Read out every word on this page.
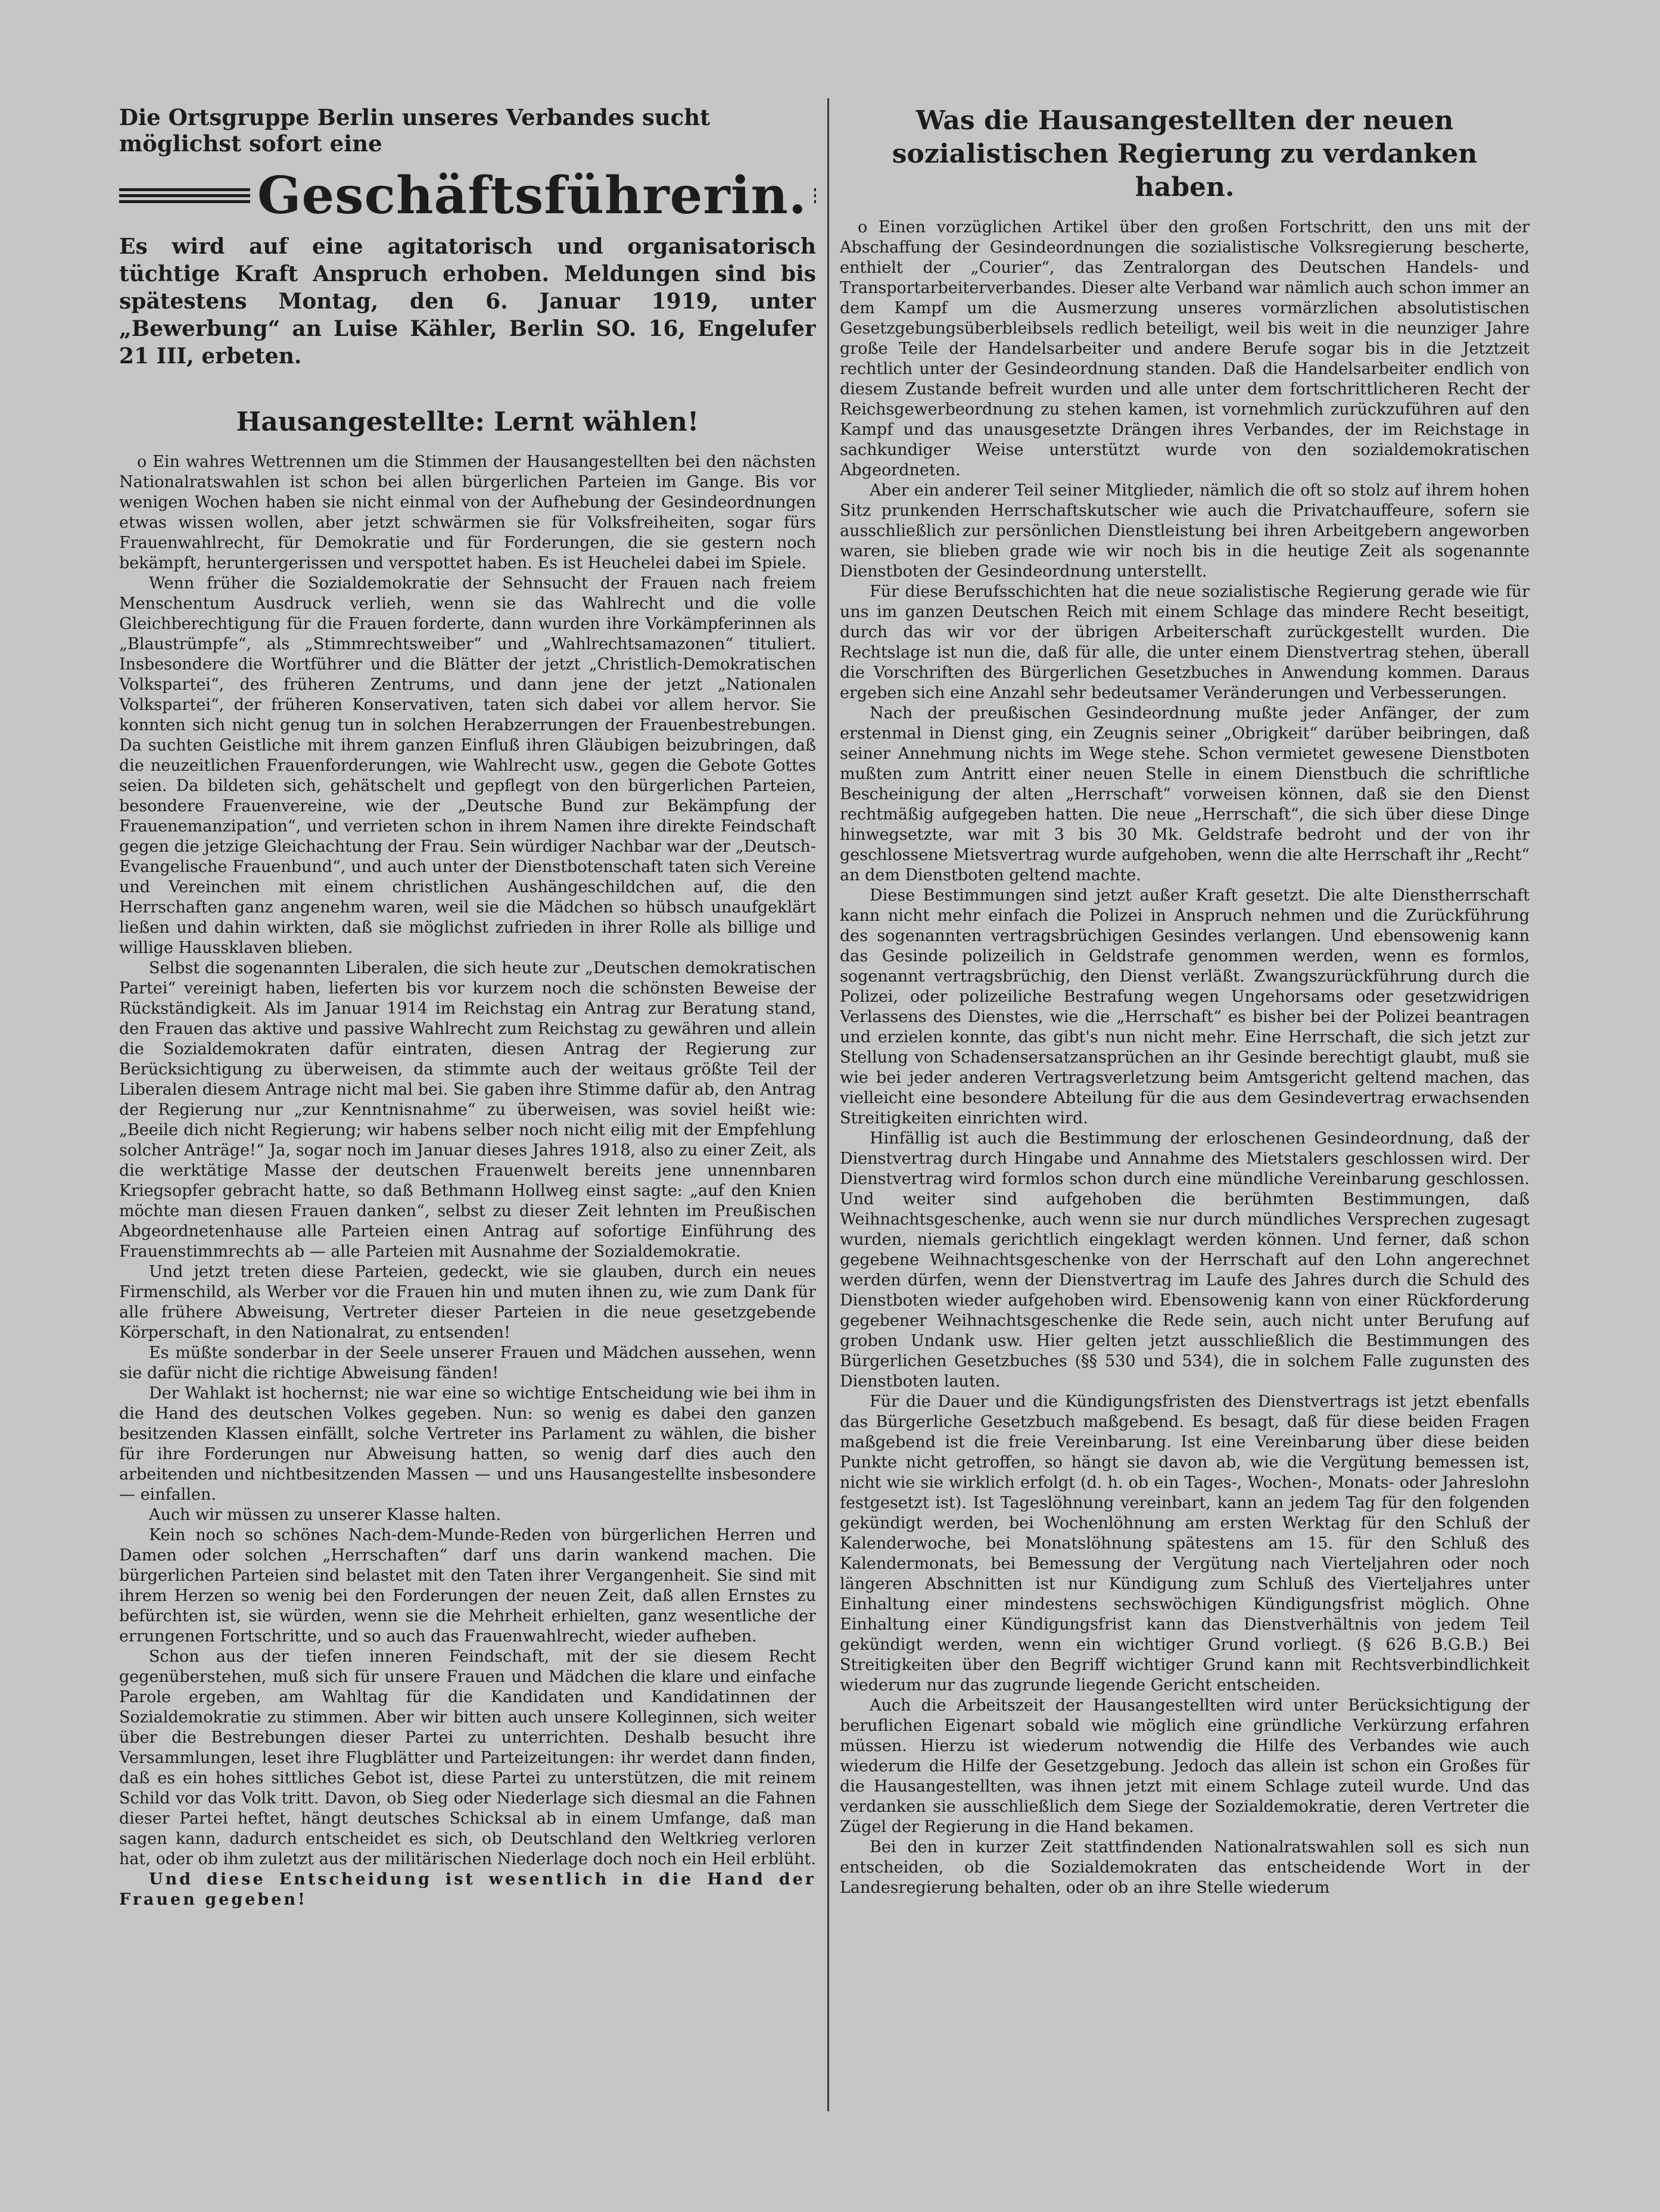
Die Ortsgruppe Berlin unseres Verbandes sucht möglichst sofort eine

Geschäftsführerin.

Es wird auf eine agitatorisch und organisatorisch tüchtige Kraft Anspruch erhoben. Meldungen sind bis spätestens Montag, den 6. Januar 1919, unter „Bewerbung“ an Luise Kähler, Berlin SO. 16, Engelufer 21 III, erbeten.

Hausangestellte: Lernt wählen!

o Ein wahres Wettrennen um die Stimmen der Hausangestellten bei den nächsten Nationalratswahlen ist schon bei allen bürgerlichen Parteien im Gange. Bis vor wenigen Wochen haben sie nicht einmal von der Aufhebung der Gesindeordnungen etwas wissen wollen, aber jetzt schwärmen sie für Volksfreiheiten, sogar fürs Frauenwahlrecht, für Demokratie und für Forderungen, die sie gestern noch bekämpft, heruntergerissen und verspottet haben. Es ist Heuchelei dabei im Spiele.

Wenn früher die Sozialdemokratie der Sehnsucht der Frauen nach freiem Menschentum Ausdruck verlieh, wenn sie das Wahlrecht und die volle Gleichberechtigung für die Frauen forderte, dann wurden ihre Vorkämpferinnen als „Blaustrümpfe“, als „Stimmrechtsweiber“ und „Wahlrechtsamazonen“ tituliert. Insbesondere die Wortführer und die Blätter der jetzt „Christlich-Demokratischen Volkspartei“, des früheren Zentrums, und dann jene der jetzt „Nationalen Volkspartei“, der früheren Konservativen, taten sich dabei vor allem hervor. Sie konnten sich nicht genug tun in solchen Herabzerrungen der Frauenbestrebungen. Da suchten Geistliche mit ihrem ganzen Einfluß ihren Gläubigen beizubringen, daß die neuzeitlichen Frauenforderungen, wie Wahlrecht usw., gegen die Gebote Gottes seien. Da bildeten sich, gehätschelt und gepflegt von den bürgerlichen Parteien, besondere Frauenvereine, wie der „Deutsche Bund zur Bekämpfung der Frauenemanzipation“, und verrieten schon in ihrem Namen ihre direkte Feindschaft gegen die jetzige Gleichachtung der Frau. Sein würdiger Nachbar war der „Deutsch-Evangelische Frauenbund“, und auch unter der Dienstbotenschaft taten sich Vereine und Vereinchen mit einem christlichen Aushängeschildchen auf, die den Herrschaften ganz angenehm waren, weil sie die Mädchen so hübsch unaufgeklärt ließen und dahin wirkten, daß sie möglichst zufrieden in ihrer Rolle als billige und willige Haussklaven blieben.

Selbst die sogenannten Liberalen, die sich heute zur „Deutschen demokratischen Partei“ vereinigt haben, lieferten bis vor kurzem noch die schönsten Beweise der Rückständigkeit. Als im Januar 1914 im Reichstag ein Antrag zur Beratung stand, den Frauen das aktive und passive Wahlrecht zum Reichstag zu gewähren und allein die Sozialdemokraten dafür eintraten, diesen Antrag der Regierung zur Berücksichtigung zu überweisen, da stimmte auch der weitaus größte Teil der Liberalen diesem Antrage nicht mal bei. Sie gaben ihre Stimme dafür ab, den Antrag der Regierung nur „zur Kenntnisnahme“ zu überweisen, was soviel heißt wie: „Beeile dich nicht Regierung; wir habens selber noch nicht eilig mit der Empfehlung solcher Anträge!“ Ja, sogar noch im Januar dieses Jahres 1918, also zu einer Zeit, als die werktätige Masse der deutschen Frauenwelt bereits jene unnennbaren Kriegsopfer gebracht hatte, so daß Bethmann Hollweg einst sagte: „auf den Knien möchte man diesen Frauen danken“, selbst zu dieser Zeit lehnten im Preußischen Abgeordnetenhause alle Parteien einen Antrag auf sofortige Einführung des Frauenstimmrechts ab — alle Parteien mit Ausnahme der Sozialdemokratie.

Und jetzt treten diese Parteien, gedeckt, wie sie glauben, durch ein neues Firmenschild, als Werber vor die Frauen hin und muten ihnen zu, wie zum Dank für alle frühere Abweisung, Vertreter dieser Parteien in die neue gesetzgebende Körperschaft, in den Nationalrat, zu entsenden!

Es müßte sonderbar in der Seele unserer Frauen und Mädchen aussehen, wenn sie dafür nicht die richtige Abweisung fänden!

Der Wahlakt ist hochernst; nie war eine so wichtige Entscheidung wie bei ihm in die Hand des deutschen Volkes gegeben. Nun: so wenig es dabei den ganzen besitzenden Klassen einfällt, solche Vertreter ins Parlament zu wählen, die bisher für ihre Forderungen nur Abweisung hatten, so wenig darf dies auch den arbeitenden und nichtbesitzenden Massen — und uns Hausangestellte insbesondere — einfallen.

Auch wir müssen zu unserer Klasse halten.

Kein noch so schönes Nach-dem-Munde-Reden von bürgerlichen Herren und Damen oder solchen „Herrschaften“ darf uns darin wankend machen. Die bürgerlichen Parteien sind belastet mit den Taten ihrer Vergangenheit. Sie sind mit ihrem Herzen so wenig bei den Forderungen der neuen Zeit, daß allen Ernstes zu befürchten ist, sie würden, wenn sie die Mehrheit erhielten, ganz wesentliche der errungenen Fortschritte, und so auch das Frauenwahlrecht, wieder aufheben.

Schon aus der tiefen inneren Feindschaft, mit der sie diesem Recht gegenüberstehen, muß sich für unsere Frauen und Mädchen die klare und einfache Parole ergeben, am Wahltag für die Kandidaten und Kandidatinnen der Sozialdemokratie zu stimmen. Aber wir bitten auch unsere Kolleginnen, sich weiter über die Bestrebungen dieser Partei zu unterrichten. Deshalb besucht ihre Versammlungen, leset ihre Flugblätter und Parteizeitungen: ihr werdet dann finden, daß es ein hohes sittliches Gebot ist, diese Partei zu unterstützen, die mit reinem Schild vor das Volk tritt. Davon, ob Sieg oder Niederlage sich diesmal an die Fahnen dieser Partei heftet, hängt deutsches Schicksal ab in einem Umfange, daß man sagen kann, dadurch entscheidet es sich, ob Deutschland den Weltkrieg verloren hat, oder ob ihm zuletzt aus der militärischen Niederlage doch noch ein Heil erblüht.

Und diese Entscheidung ist wesentlich in die Hand der Frauen gegeben!

Was die Hausangestellten der neuen sozialistischen Regierung zu verdanken haben.

o Einen vorzüglichen Artikel über den großen Fortschritt, den uns mit der Abschaffung der Gesindeordnungen die sozialistische Volksregierung bescherte, enthielt der „Courier“, das Zentralorgan des Deutschen Handels- und Transportarbeiterverbandes. Dieser alte Verband war nämlich auch schon immer an dem Kampf um die Ausmerzung unseres vormärzlichen absolutistischen Gesetzgebungsüberbleibsels redlich beteiligt, weil bis weit in die neunziger Jahre große Teile der Handelsarbeiter und andere Berufe sogar bis in die Jetztzeit rechtlich unter der Gesindeordnung standen. Daß die Handelsarbeiter endlich von diesem Zustande befreit wurden und alle unter dem fortschrittlicheren Recht der Reichsgewerbeordnung zu stehen kamen, ist vornehmlich zurückzuführen auf den Kampf und das unausgesetzte Drängen ihres Verbandes, der im Reichstage in sachkundiger Weise unterstützt wurde von den sozialdemokratischen Abgeordneten.

Aber ein anderer Teil seiner Mitglieder, nämlich die oft so stolz auf ihrem hohen Sitz prunkenden Herrschaftskutscher wie auch die Privatchauffeure, sofern sie ausschließlich zur persönlichen Dienstleistung bei ihren Arbeitgebern angeworben waren, sie blieben grade wie wir noch bis in die heutige Zeit als sogenannte Dienstboten der Gesindeordnung unterstellt.

Für diese Berufsschichten hat die neue sozialistische Regierung gerade wie für uns im ganzen Deutschen Reich mit einem Schlage das mindere Recht beseitigt, durch das wir vor der übrigen Arbeiterschaft zurückgestellt wurden. Die Rechtslage ist nun die, daß für alle, die unter einem Dienstvertrag stehen, überall die Vorschriften des Bürgerlichen Gesetzbuches in Anwendung kommen. Daraus ergeben sich eine Anzahl sehr bedeutsamer Veränderungen und Verbesserungen.

Nach der preußischen Gesindeordnung mußte jeder Anfänger, der zum erstenmal in Dienst ging, ein Zeugnis seiner „Obrigkeit“ darüber beibringen, daß seiner Annehmung nichts im Wege stehe. Schon vermietet gewesene Dienstboten mußten zum Antritt einer neuen Stelle in einem Dienstbuch die schriftliche Bescheinigung der alten „Herrschaft“ vorweisen können, daß sie den Dienst rechtmäßig aufgegeben hatten. Die neue „Herrschaft“, die sich über diese Dinge hinwegsetzte, war mit 3 bis 30 Mk. Geldstrafe bedroht und der von ihr geschlossene Mietsvertrag wurde aufgehoben, wenn die alte Herrschaft ihr „Recht“ an dem Dienstboten geltend machte.

Diese Bestimmungen sind jetzt außer Kraft gesetzt. Die alte Dienstherrschaft kann nicht mehr einfach die Polizei in Anspruch nehmen und die Zurückführung des sogenannten vertragsbrüchigen Gesindes verlangen. Und ebensowenig kann das Gesinde polizeilich in Geldstrafe genommen werden, wenn es formlos, sogenannt vertragsbrüchig, den Dienst verläßt. Zwangszurückführung durch die Polizei, oder polizeiliche Bestrafung wegen Ungehorsams oder gesetzwidrigen Verlassens des Dienstes, wie die „Herrschaft“ es bisher bei der Polizei beantragen und erzielen konnte, das gibt's nun nicht mehr. Eine Herrschaft, die sich jetzt zur Stellung von Schadensersatzansprüchen an ihr Gesinde berechtigt glaubt, muß sie wie bei jeder anderen Vertragsverletzung beim Amtsgericht geltend machen, das vielleicht eine besondere Abteilung für die aus dem Gesindevertrag erwachsenden Streitigkeiten einrichten wird.

Hinfällig ist auch die Bestimmung der erloschenen Gesindeordnung, daß der Dienstvertrag durch Hingabe und Annahme des Mietstalers geschlossen wird. Der Dienstvertrag wird formlos schon durch eine mündliche Vereinbarung geschlossen. Und weiter sind aufgehoben die berühmten Bestimmungen, daß Weihnachtsgeschenke, auch wenn sie nur durch mündliches Versprechen zugesagt wurden, niemals gerichtlich eingeklagt werden können. Und ferner, daß schon gegebene Weihnachtsgeschenke von der Herrschaft auf den Lohn angerechnet werden dürfen, wenn der Dienstvertrag im Laufe des Jahres durch die Schuld des Dienstboten wieder aufgehoben wird. Ebensowenig kann von einer Rückforderung gegebener Weihnachtsgeschenke die Rede sein, auch nicht unter Berufung auf groben Undank usw. Hier gelten jetzt ausschließlich die Bestimmungen des Bürgerlichen Gesetzbuches (§§ 530 und 534), die in solchem Falle zugunsten des Dienstboten lauten.

Für die Dauer und die Kündigungsfristen des Dienstvertrags ist jetzt ebenfalls das Bürgerliche Gesetzbuch maßgebend. Es besagt, daß für diese beiden Fragen maßgebend ist die freie Vereinbarung. Ist eine Vereinbarung über diese beiden Punkte nicht getroffen, so hängt sie davon ab, wie die Vergütung bemessen ist, nicht wie sie wirklich erfolgt (d. h. ob ein Tages-, Wochen-, Monats- oder Jahreslohn festgesetzt ist). Ist Tageslöhnung vereinbart, kann an jedem Tag für den folgenden gekündigt werden, bei Wochenlöhnung am ersten Werktag für den Schluß der Kalenderwoche, bei Monatslöhnung spätestens am 15. für den Schluß des Kalendermonats, bei Bemessung der Vergütung nach Vierteljahren oder noch längeren Abschnitten ist nur Kündigung zum Schluß des Vierteljahres unter Einhaltung einer mindestens sechswöchigen Kündigungsfrist möglich. Ohne Einhaltung einer Kündigungsfrist kann das Dienstverhältnis von jedem Teil gekündigt werden, wenn ein wichtiger Grund vorliegt. (§ 626 B.G.B.) Bei Streitigkeiten über den Begriff wichtiger Grund kann mit Rechtsverbindlichkeit wiederum nur das zugrunde liegende Gericht entscheiden.

Auch die Arbeitszeit der Hausangestellten wird unter Berücksichtigung der beruflichen Eigenart sobald wie möglich eine gründliche Verkürzung erfahren müssen. Hierzu ist wiederum notwendig die Hilfe des Verbandes wie auch wiederum die Hilfe der Gesetzgebung. Jedoch das allein ist schon ein Großes für die Hausangestellten, was ihnen jetzt mit einem Schlage zuteil wurde. Und das verdanken sie ausschließlich dem Siege der Sozialdemokratie, deren Vertreter die Zügel der Regierung in die Hand bekamen.

Bei den in kurzer Zeit stattfindenden Nationalratswahlen soll es sich nun entscheiden, ob die Sozialdemokraten das entscheidende Wort in der Landesregierung behalten, oder ob an ihre Stelle wiederum
